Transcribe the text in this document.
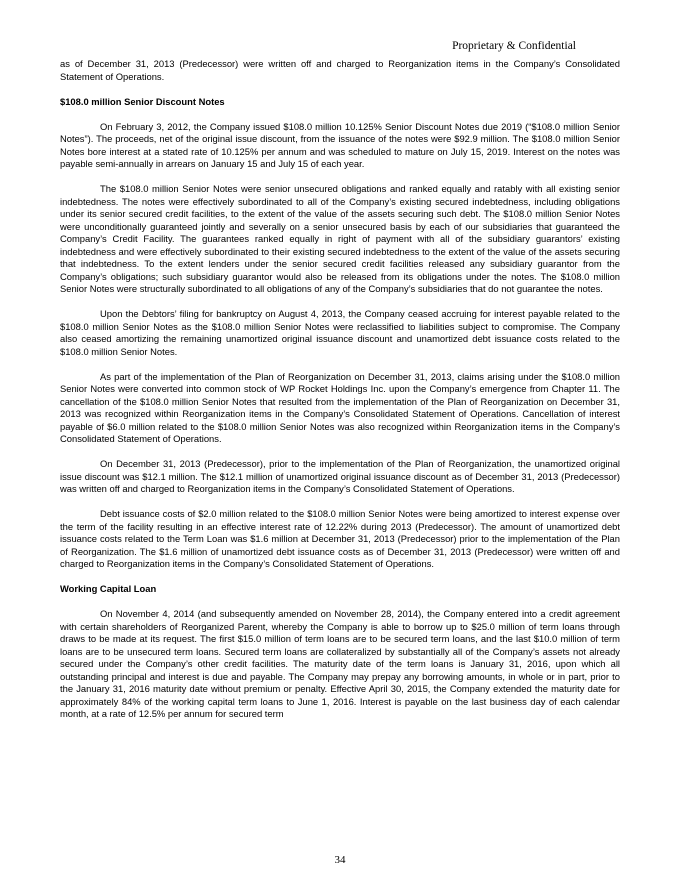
Proprietary & Confidential

as of December 31, 2013 (Predecessor) were written off and charged to Reorganization items in the Company’s Consolidated Statement of Operations.

$108.0 million Senior Discount Notes

On February 3, 2012, the Company issued $108.0 million 10.125% Senior Discount Notes due 2019 (“$108.0 million Senior Notes”). The proceeds, net of the original issue discount, from the issuance of the notes were $92.9 million. The $108.0 million Senior Notes bore interest at a stated rate of 10.125% per annum and was scheduled to mature on July 15, 2019. Interest on the notes was payable semi-annually in arrears on January 15 and July 15 of each year.

The $108.0 million Senior Notes were senior unsecured obligations and ranked equally and ratably with all existing senior indebtedness. The notes were effectively subordinated to all of the Company’s existing secured indebtedness, including obligations under its senior secured credit facilities, to the extent of the value of the assets securing such debt. The $108.0 million Senior Notes were unconditionally guaranteed jointly and severally on a senior unsecured basis by each of our subsidiaries that guaranteed the Company’s Credit Facility. The guarantees ranked equally in right of payment with all of the subsidiary guarantors’ existing indebtedness and were effectively subordinated to their existing secured indebtedness to the extent of the value of the assets securing that indebtedness. To the extent lenders under the senior secured credit facilities released any subsidiary guarantor from the Company’s obligations; such subsidiary guarantor would also be released from its obligations under the notes. The $108.0 million Senior Notes were structurally subordinated to all obligations of any of the Company’s subsidiaries that do not guarantee the notes.

Upon the Debtors’ filing for bankruptcy on August 4, 2013, the Company ceased accruing for interest payable related to the $108.0 million Senior Notes as the $108.0 million Senior Notes were reclassified to liabilities subject to compromise. The Company also ceased amortizing the remaining unamortized original issuance discount and unamortized debt issuance costs related to the $108.0 million Senior Notes.

As part of the implementation of the Plan of Reorganization on December 31, 2013, claims arising under the $108.0 million Senior Notes were converted into common stock of WP Rocket Holdings Inc. upon the Company’s emergence from Chapter 11. The cancellation of the $108.0 million Senior Notes that resulted from the implementation of the Plan of Reorganization on December 31, 2013 was recognized within Reorganization items in the Company’s Consolidated Statement of Operations. Cancellation of interest payable of $6.0 million related to the $108.0 million Senior Notes was also recognized within Reorganization items in the Company’s Consolidated Statement of Operations.

On December 31, 2013 (Predecessor), prior to the implementation of the Plan of Reorganization, the unamortized original issue discount was $12.1 million. The $12.1 million of unamortized original issuance discount as of December 31, 2013 (Predecessor) was written off and charged to Reorganization items in the Company’s Consolidated Statement of Operations.

Debt issuance costs of $2.0 million related to the $108.0 million Senior Notes were being amortized to interest expense over the term of the facility resulting in an effective interest rate of 12.22% during 2013 (Predecessor). The amount of unamortized debt issuance costs related to the Term Loan was $1.6 million at December 31, 2013 (Predecessor) prior to the implementation of the Plan of Reorganization. The $1.6 million of unamortized debt issuance costs as of December 31, 2013 (Predecessor) were written off and charged to Reorganization items in the Company’s Consolidated Statement of Operations.

Working Capital Loan

On November 4, 2014 (and subsequently amended on November 28, 2014), the Company entered into a credit agreement with certain shareholders of Reorganized Parent, whereby the Company is able to borrow up to $25.0 million of term loans through draws to be made at its request. The first $15.0 million of term loans are to be secured term loans, and the last $10.0 million of term loans are to be unsecured term loans. Secured term loans are collateralized by substantially all of the Company’s assets not already secured under the Company’s other credit facilities. The maturity date of the term loans is January 31, 2016, upon which all outstanding principal and interest is due and payable. The Company may prepay any borrowing amounts, in whole or in part, prior to the January 31, 2016 maturity date without premium or penalty. Effective April 30, 2015, the Company extended the maturity date for approximately 84% of the working capital term loans to June 1, 2016. Interest is payable on the last business day of each calendar month, at a rate of 12.5% per annum for secured term

34
